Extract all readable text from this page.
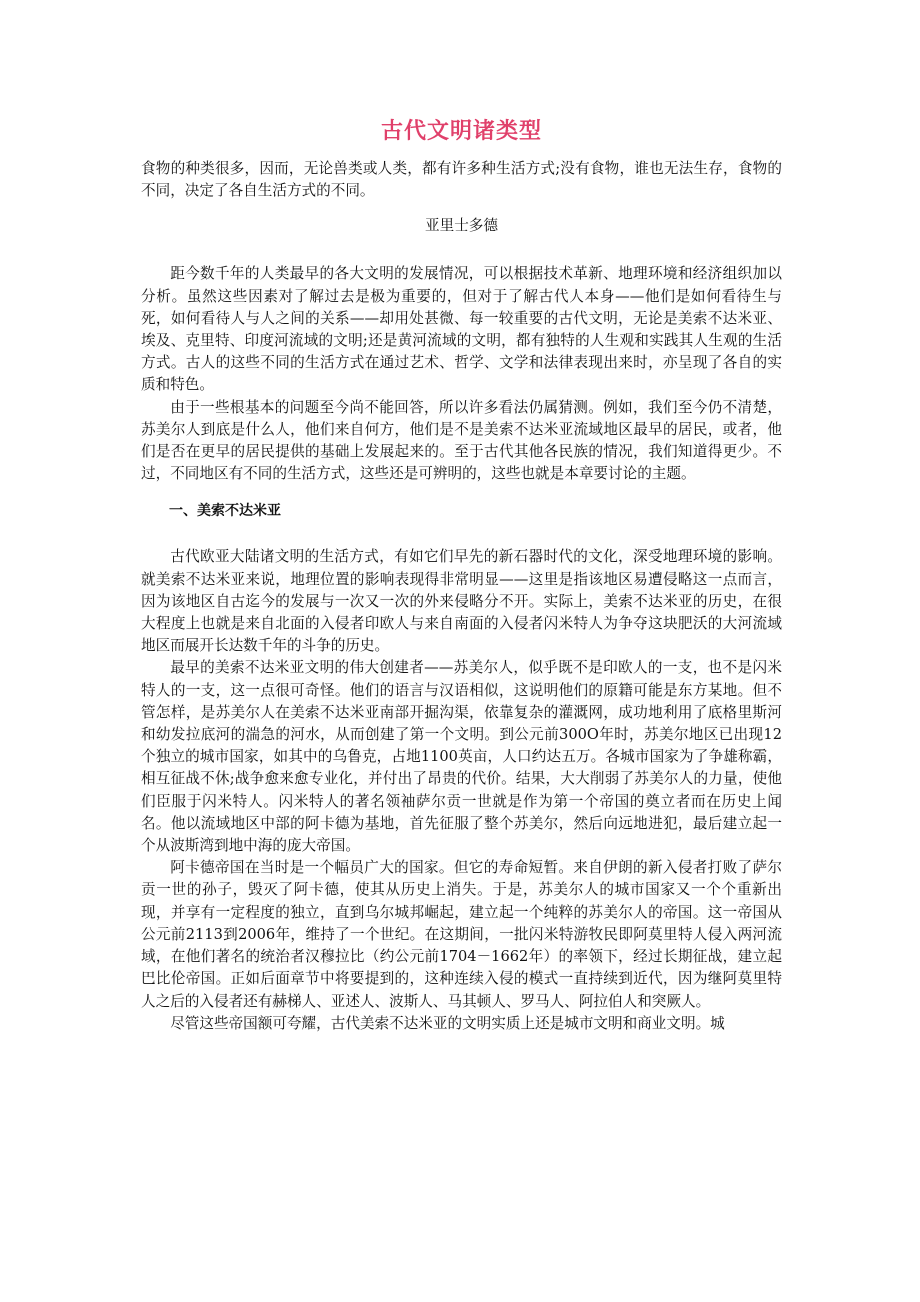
古代文明诸类型

食物的种类很多，因而，无论兽类或人类，都有许多种生活方式;没有食物，谁也无法生存，食物的不同，决定了各自生活方式的不同。

亚里士多德

距今数千年的人类最早的各大文明的发展情况，可以根据技术革新、地理环境和经济组织加以分析。虽然这些因素对了解过去是极为重要的，但对于了解古代人本身——他们是如何看待生与死，如何看待人与人之间的关系——却用处甚微、每一较重要的古代文明，无论是美索不达米亚、埃及、克里特、印度河流域的文明;还是黄河流域的文明，都有独特的人生观和实践其人生观的生活方式。古人的这些不同的生活方式在通过艺术、哲学、文学和法律表现出来时，亦呈现了各自的实质和特色。

由于一些根基本的问题至今尚不能回答，所以许多看法仍属猜测。例如，我们至今仍不清楚，苏美尔人到底是什么人，他们来自何方，他们是不是美索不达米亚流域地区最早的居民，或者，他们是否在更早的居民提供的基础上发展起来的。至于古代其他各民族的情况，我们知道得更少。不过，不同地区有不同的生活方式，这些还是可辨明的，这些也就是本章要讨论的主题。

一、美索不达米亚

古代欧亚大陆诸文明的生活方式，有如它们早先的新石器时代的文化，深受地理环境的影响。就美索不达米亚来说，地理位置的影响表现得非常明显——这里是指该地区易遭侵略这一点而言，因为该地区自古迄今的发展与一次又一次的外来侵略分不开。实际上，美索不达米亚的历史，在很大程度上也就是来自北面的入侵者印欧人与来自南面的入侵者闪米特人为争夺这块肥沃的大河流域地区而展开长达数千年的斗争的历史。

最早的美索不达米亚文明的伟大创建者——苏美尔人，似乎既不是印欧人的一支，也不是闪米特人的一支，这一点很可奇怪。他们的语言与汉语相似，这说明他们的原籍可能是东方某地。但不管怎样，是苏美尔人在美索不达米亚南部开掘沟渠，依靠复杂的灌溉网，成功地利用了底格里斯河和幼发拉底河的湍急的河水，从而创建了第一个文明。到公元前300O年时，苏美尔地区已出现12个独立的城市国家，如其中的乌鲁克，占地1100英亩，人口约达五万。各城市国家为了争雄称霸，相互征战不休;战争愈来愈专业化，并付出了昂贵的代价。结果，大大削弱了苏美尔人的力量，使他们臣服于闪米特人。闪米特人的著名领袖萨尔贡一世就是作为第一个帝国的奠立者而在历史上闻名。他以流域地区中部的阿卡德为基地，首先征服了整个苏美尔，然后向远地进犯，最后建立起一个从波斯湾到地中海的庞大帝国。

阿卡德帝国在当时是一个幅员广大的国家。但它的寿命短暂。来自伊朗的新入侵者打败了萨尔贡一世的孙子，毁灭了阿卡德，使其从历史上消失。于是，苏美尔人的城市国家又一个个重新出现，并享有一定程度的独立，直到乌尔城邦崛起，建立起一个纯粹的苏美尔人的帝国。这一帝国从公元前2113到2006年，维持了一个世纪。在这期间，一批闪米特游牧民即阿莫里特人侵入两河流域，在他们著名的统治者汉穆拉比（约公元前1704－1662年）的率领下，经过长期征战，建立起巴比伦帝国。正如后面章节中将要提到的，这种连续入侵的模式一直持续到近代，因为继阿莫里特人之后的入侵者还有赫梯人、亚述人、波斯人、马其顿人、罗马人、阿拉伯人和突厥人。

尽管这些帝国额可夸耀，古代美索不达米亚的文明实质上还是城市文明和商业文明。城
